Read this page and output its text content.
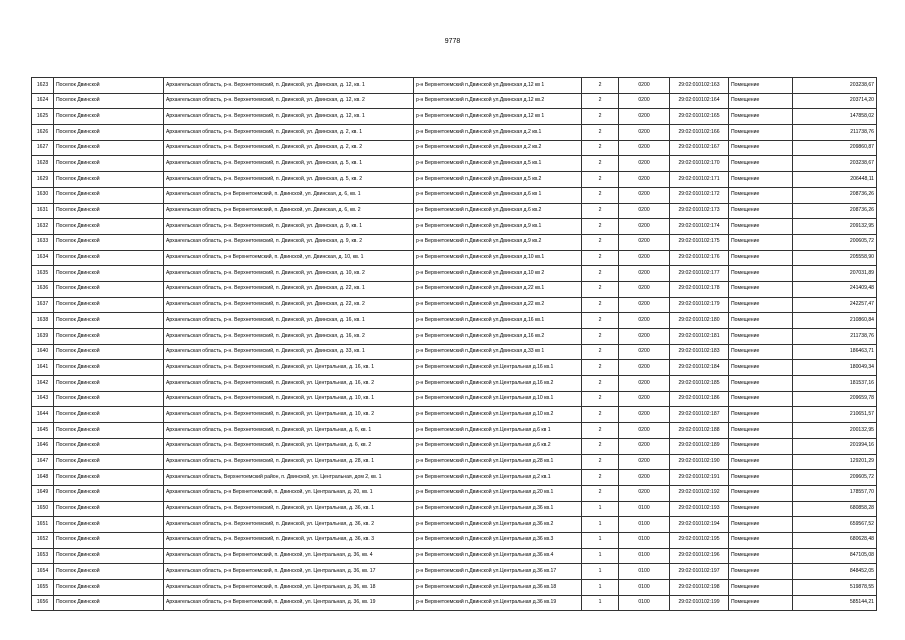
9778
1623	Поселок Двинской	Архангельская область, р-н. Верхнетоемский, п. Двинской, ул. Двинская, д. 12, кв. 1	р-н Верхнетоемский п.Двинской ул.Двинская д.12 кв 1	2	0200	29:02:010102:163	Помещение	203238,67
1624	Поселок Двинской	Архангельская область, р-н. Верхнетоемский, п. Двинской, ул. Двинская, д. 12, кв. 2	р-н Верхнетоемский п.Двинской ул.Двинская д.12 кв.2	2	0200	29:02:010102:164	Помещение	203714,20
1625	Поселок Двинской	Архангельская область, р-н. Верхнетоемский, п. Двинской, ул. Двинская, д. 12, кв. 1	р-н Верхнетоемский п.Двинской ул.Двинская д.12 кв 1	2	0200	29:02:010102:165	Помещение	147858,02
1626	Поселок Двинской	Архангельская область, р-н. Верхнетоемский, п. Двинской, ул. Двинская, д. 2, кв. 1	р-н Верхнетоемский п.Двинской ул.Двинская д.2 кв.1	2	0200	29:02:010102:166	Помещение	211738,76
1627	Поселок Двинской	Архангельская область, р-н. Верхнетоемский, п. Двинской, ул. Двинская, д. 2, кв. 2	р-н Верхнетоемский п.Двинской ул.Двинская д.2 кв.2	2	0200	29:02:010102:167	Помещение	209860,87
1628	Поселок Двинской	Архангельская область, р-н. Верхнетоемский, п. Двинской, ул. Двинская, д. 5, кв. 1	р-н Верхнетоемский п.Двинской ул.Двинская д.5 кв.1	2	0200	29:02:010102:170	Помещение	203238,67
1629	Поселок Двинской	Архангельская область, р-н. Верхнетоемский, п. Двинской, ул. Двинская, д. 5, кв. 2	р-н Верхнетоемский п.Двинской ул.Двинская д.5 кв.2	2	0200	29:02:010102:171	Помещение	206448,11
1630	Поселок Двинской	Архангельская область, р-н Верхнетоемский, п. Двинской, ул. Двинская, д. 6, кв. 1	р-н Верхнетоемский п.Двинской ул.Двинская д.6 кв 1	2	0200	29:02:010102:172	Помещение	208736,26
1631	Поселок Двинской	Архангельская область, р-н Верхнетоемский, п. Двинской, ул. Двинская, д. 6, кв. 2	р-н Верхнетоемский п.Двинской ул.Двинская д.6 кв.2	2	0200	29:02:010102:173	Помещение	208736,26
1632	Поселок Двинской	Архангельская область, р-н. Верхнетоемский, п. Двинской, ул. Двинская, д. 9, кв. 1	р-н Верхнетоемский п.Двинской ул.Двинская д.9 кв.1	2	0200	29:02:010102:174	Помещение	209132,95
1633	Поселок Двинской	Архангельская область, р-н. Верхнетоемский, п. Двинской, ул. Двинская, д. 9, кв. 2	р-н Верхнетоемский п.Двинской ул.Двинская д.9 кв.2	2	0200	29:02:010102:175	Помещение	200605,72
1634	Поселок Двинской	Архангельская область, р-н Верхнетоемский, п. Двинской, ул. Двинская, д. 10, кв. 1	р-н Верхнетоемский п.Двинской ул.Двинская д.10 кв.1	2	0200	29:02:010102:176	Помещение	205558,90
1635	Поселок Двинской	Архангельская область, р-н. Верхнетоемский, п. Двинской, ул. Двинская, д. 10, кв. 2	р-н Верхнетоемский п.Двинской ул.Двинская д.10 кв 2	2	0200	29:02:010102:177	Помещение	207031,89
1636	Поселок Двинской	Архангельская область, р-н. Верхнетоемский, п. Двинской, ул. Двинская, д. 22, кв. 1	р-н Верхнетоемский п.Двинской ул.Двинская д.22 кв.1	2	0200	29:02:010102:178	Помещение	241409,48
1637	Поселок Двинской	Архангельская область, р-н. Верхнетоемский, п. Двинской, ул. Двинская, д. 22, кв. 2	р-н Верхнетоемский п.Двинской ул.Двинская д.22 кв.2	2	0200	29:02:010102:179	Помещение	242257,47
1638	Поселок Двинской	Архангельская область, р-н. Верхнетоемский, п. Двинской, ул. Двинская, д. 16, кв. 1	р-н Верхнетоемский п.Двинской ул.Двинская д.16 кв.1	2	0200	29:02:010102:180	Помещение	210860,84
1639	Поселок Двинской	Архангельская область, р-н. Верхнетоемский, п. Двинской, ул. Двинская, д. 16, кв. 2	р-н Верхнетоемский п.Двинской ул.Двинская д.16 кв.2	2	0200	29:02:010102:181	Помещение	211738,76
1640	Поселок Двинской	Архангельская область, р-н. Верхнетоемский, п. Двинской, ул. Двинская, д. 33, кв. 1	р-н Верхнетоемский п.Двинской ул.Двинская д.33 кв 1	2	0200	29:02:010102:183	Помещение	186463,71
1641	Поселок Двинской	Архангельская область, р-н. Верхнетоемский, п. Двинской, ул. Центральная, д. 16, кв. 1	р-н Верхнетоемский п.Двинской ул.Центральная д.16 кв.1	2	0200	29:02:010102:184	Помещение	180049,34
1642	Поселок Двинской	Архангельская область, р-н. Верхнетоемский, п. Двинской, ул. Центральная, д. 16, кв. 2	р-н Верхнетоемский п.Двинской ул.Центральная д.16 кв.2	2	0200	29:02:010102:185	Помещение	181537,16
1643	Поселок Двинской	Архангельская область, р-н. Верхнетоемский, п. Двинской, ул. Центральная, д. 10, кв. 1	р-н Верхнетоемский п.Двинской ул.Центральная д.10 кв.1	2	0200	29:02:010102:186	Помещение	209659,78
1644	Поселок Двинской	Архангельская область, р-н. Верхнетоемский, п. Двинской, ул. Центральная, д. 10, кв. 2	р-н Верхнетоемский п.Двинской ул.Центральная д.10 кв.2	2	0200	29:02:010102:187	Помещение	210651,57
1645	Поселок Двинской	Архангельская область, р-н. Верхнетоемский, п. Двинской, ул. Центральная, д. 6, кв. 1	р-н Верхнетоемский п.Двинской ул.Центральная д.6 кв 1	2	0200	29:02:010102:188	Помещение	200132,95
1646	Поселок Двинской	Архангельская область, р-н. Верхнетоемский, п. Двинской, ул. Центральная, д. 6, кв. 2	р-н Верхнетоемский п.Двинской ул.Центральная д.6 кв.2	2	0200	29:02:010102:189	Помещение	201994,16
1647	Поселок Двинской	Архангельская область, р-н. Верхнетоемский, п. Двинской, ул. Центральная, д. 28, кв. 1	р-н Верхнетоемский п.Двинской ул.Центральная д.28 кв.1	2	0200	29:02:010102:190	Помещение	129201,29
1648	Поселок Двинской	Архангельская область, Верхнетоемский район, п. Двинской, ул. Центральная, дом 2, кв. 1	р-н Верхнетоемский п.Двинской ул.Центральная д.2 кв.1	2	0200	29:02:010102:191	Помещение	209605,72
1649	Поселок Двинской	Архангельская область, р-н Верхнетоемский, п. Двинской, ул. Центральная, д. 20, кв. 1	р-н Верхнетоемский п.Двинской ул.Центральная д.20 кв.1	2	0200	29:02:010102:192	Помещение	178557,70
1650	Поселок Двинской	Архангельская область, р-н. Верхнетоемский, п. Двинской, ул. Центральная, д. 36, кв. 1	р-н Верхнетоемский п.Двинской ул.Центральная д.36 кв.1	1	0100	29:02:010102:193	Помещение	680858,28
1651	Поселок Двинской	Архангельская область, р-н. Верхнетоемский, п. Двинской, ул. Центральная, д. 36, кв. 2	р-н Верхнетоемский п.Двинской ул.Центральная д.36 кв.2	1	0100	29:02:010102:194	Помещение	659567,52
1652	Поселок Двинской	Архангельская область, р-н. Верхнетоемский, п. Двинской, ул. Центральная, д. 36, кв. 3	р-н Верхнетоемский п.Двинской ул.Центральная д.36 кв.3	1	0100	29:02:010102:195	Помещение	680628,48
1653	Поселок Двинской	Архангельская область, р-н Верхнетоемский, п. Двинской, ул. Центральная, д. 36, кв. 4	р-н Верхнетоемский п.Двинской ул.Центральная д.36 кв.4	1	0100	29:02:010102:196	Помещение	847105,08
1654	Поселок Двинской	Архангельская область, р-н Верхнетоемский, п. Двинской, ул. Центральная, д. 36, кв. 17	р-н Верхнетоемский п.Двинской ул.Центральная д.36 кв.17	1	0100	29:02:010102:197	Помещение	848452,05
1655	Поселок Двинской	Архангельская область, р-н Верхнетоемский, п. Двинской, ул. Центральная, д. 36, кв. 18	р-н Верхнетоемский п.Двинской ул.Центральная д.36 кв.18	1	0100	29:02:010102:198	Помещение	519878,55
1656	Поселок Двинской	Архангельская область, р-н Верхнетоемский, п. Двинской, ул. Центральная, д. 36, кв. 19	р-н Верхнетоемский п.Двинской ул.Центральная д.36 кв.19	1	0100	29:02:010102:199	Помещение	585144,21
